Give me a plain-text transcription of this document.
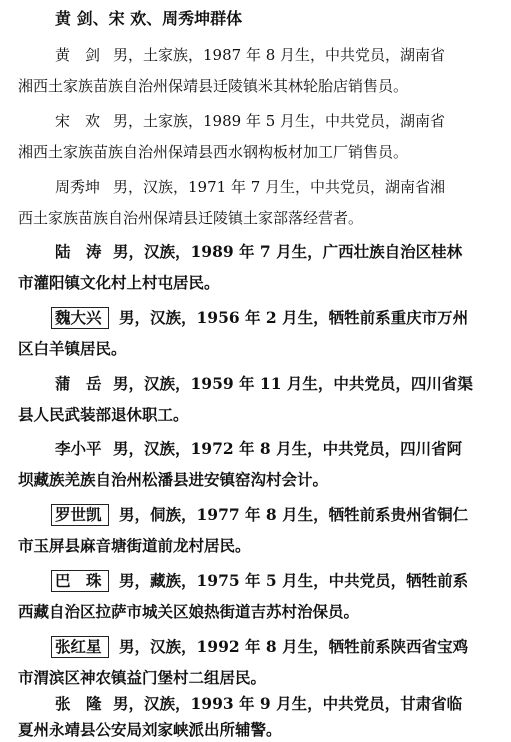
黄 剑、宋 欢、周秀坤群体
黄　剑 男，土家族，1987 年 8 月生，中共党员，湖南省
湘西土家族苗族自治州保靖县迁陵镇米其林轮胎店销售员。
宋　欢 男，土家族，1989 年 5 月生，中共党员，湖南省
湘西土家族苗族自治州保靖县西水钢构板材加工厂销售员。
周秀坤 男，汉族，1971 年 7 月生，中共党员，湖南省湘
西土家族苗族自治州保靖县迁陵镇土家部落经营者。
陆　涛 男，汉族，1989 年 7 月生，广西壮族自治区桂林
市灌阳镇文化村上村屯居民。
魏大兴 男，汉族，1956 年 2 月生，牺牲前系重庆市万州
区白羊镇居民。
蒲　岳 男，汉族，1959 年 11 月生，中共党员，四川省渠
县人民武装部退休职工。
李小平 男，汉族，1972 年 8 月生，中共党员，四川省阿
坝藏族羌族自治州松潘县进安镇窑沟村会计。
罗世凯 男，侗族，1977 年 8 月生，牺牲前系贵州省铜仁
市玉屏县麻音塘街道前龙村居民。
巴　珠 男，藏族，1975 年 5 月生，中共党员，牺牲前系
西藏自治区拉萨市城关区娘热街道吉苏村治保员。
张红星 男，汉族，1992 年 8 月生，牺牲前系陕西省宝鸡
市渭滨区神农镇益门堡村二组居民。
张　隆 男，汉族，1993 年 9 月生，中共党员，甘肃省临
夏州永靖县公安局刘家峡派出所辅警。
